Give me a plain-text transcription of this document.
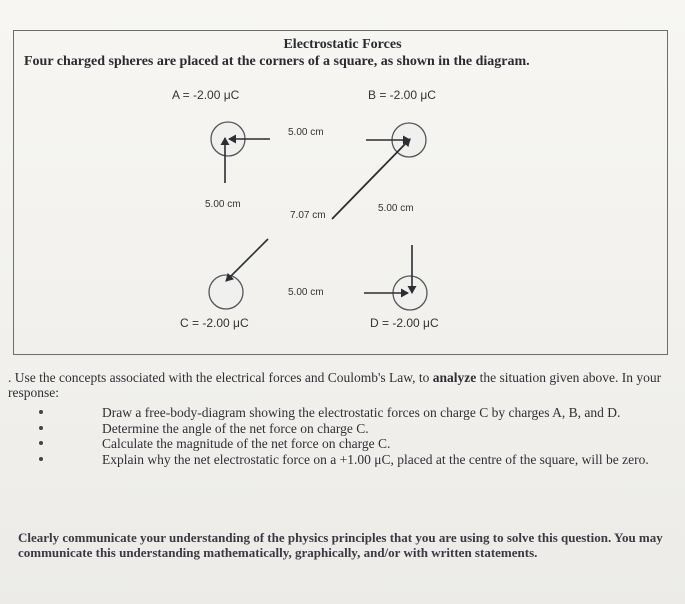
Electrostatic Forces
Four charged spheres are placed at the corners of a square, as shown in the diagram.
A = -2.00 μC	B = -2.00 μC
C = -2.00 μC	D = -2.00 μC
5.00 cm
5.00 cm	5.00 cm
5.00 cm
7.07 cm
. Use the concepts associated with the electrical forces and Coulomb's Law, to analyze the situation given above. In your response:
Draw a free-body-diagram showing the electrostatic forces on charge C by charges A, B, and D.
Determine the angle of the net force on charge C.
Calculate the magnitude of the net force on charge C.
Explain why the net electrostatic force on a +1.00 μC, placed at the centre of the square, will be zero.
Clearly communicate your understanding of the physics principles that you are using to solve this question. You may communicate this understanding mathematically, graphically, and/or with written statements.
